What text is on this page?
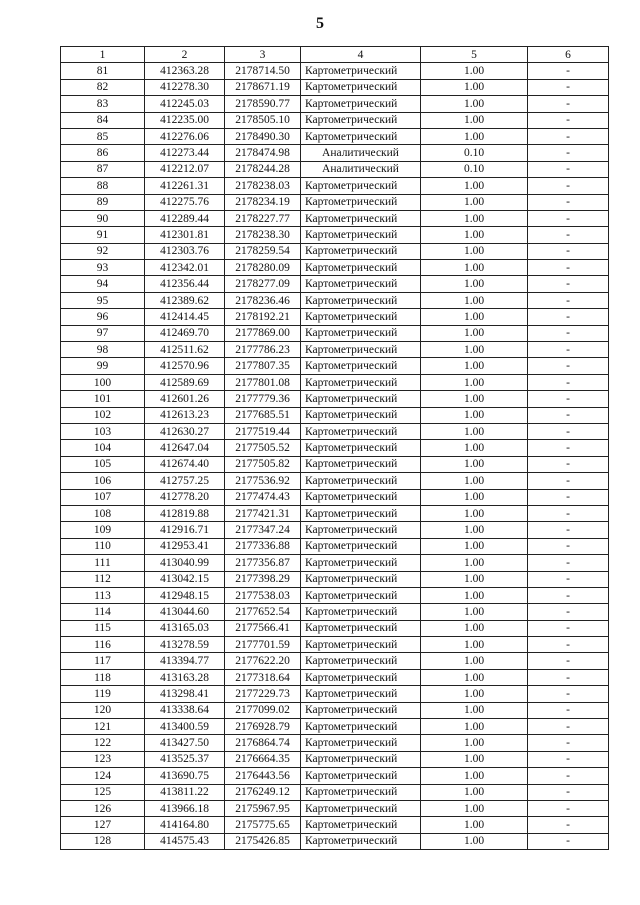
5
1	2	3	4	5	6
81	412363.28	2178714.50	Картометрический	1.00	-
82	412278.30	2178671.19	Картометрический	1.00	-
83	412245.03	2178590.77	Картометрический	1.00	-
84	412235.00	2178505.10	Картометрический	1.00	-
85	412276.06	2178490.30	Картометрический	1.00	-
86	412273.44	2178474.98	Аналитический	0.10	-
87	412212.07	2178244.28	Аналитический	0.10	-
88	412261.31	2178238.03	Картометрический	1.00	-
89	412275.76	2178234.19	Картометрический	1.00	-
90	412289.44	2178227.77	Картометрический	1.00	-
91	412301.81	2178238.30	Картометрический	1.00	-
92	412303.76	2178259.54	Картометрический	1.00	-
93	412342.01	2178280.09	Картометрический	1.00	-
94	412356.44	2178277.09	Картометрический	1.00	-
95	412389.62	2178236.46	Картометрический	1.00	-
96	412414.45	2178192.21	Картометрический	1.00	-
97	412469.70	2177869.00	Картометрический	1.00	-
98	412511.62	2177786.23	Картометрический	1.00	-
99	412570.96	2177807.35	Картометрический	1.00	-
100	412589.69	2177801.08	Картометрический	1.00	-
101	412601.26	2177779.36	Картометрический	1.00	-
102	412613.23	2177685.51	Картометрический	1.00	-
103	412630.27	2177519.44	Картометрический	1.00	-
104	412647.04	2177505.52	Картометрический	1.00	-
105	412674.40	2177505.82	Картометрический	1.00	-
106	412757.25	2177536.92	Картометрический	1.00	-
107	412778.20	2177474.43	Картометрический	1.00	-
108	412819.88	2177421.31	Картометрический	1.00	-
109	412916.71	2177347.24	Картометрический	1.00	-
110	412953.41	2177336.88	Картометрический	1.00	-
111	413040.99	2177356.87	Картометрический	1.00	-
112	413042.15	2177398.29	Картометрический	1.00	-
113	412948.15	2177538.03	Картометрический	1.00	-
114	413044.60	2177652.54	Картометрический	1.00	-
115	413165.03	2177566.41	Картометрический	1.00	-
116	413278.59	2177701.59	Картометрический	1.00	-
117	413394.77	2177622.20	Картометрический	1.00	-
118	413163.28	2177318.64	Картометрический	1.00	-
119	413298.41	2177229.73	Картометрический	1.00	-
120	413338.64	2177099.02	Картометрический	1.00	-
121	413400.59	2176928.79	Картометрический	1.00	-
122	413427.50	2176864.74	Картометрический	1.00	-
123	413525.37	2176664.35	Картометрический	1.00	-
124	413690.75	2176443.56	Картометрический	1.00	-
125	413811.22	2176249.12	Картометрический	1.00	-
126	413966.18	2175967.95	Картометрический	1.00	-
127	414164.80	2175775.65	Картометрический	1.00	-
128	414575.43	2175426.85	Картометрический	1.00	-
